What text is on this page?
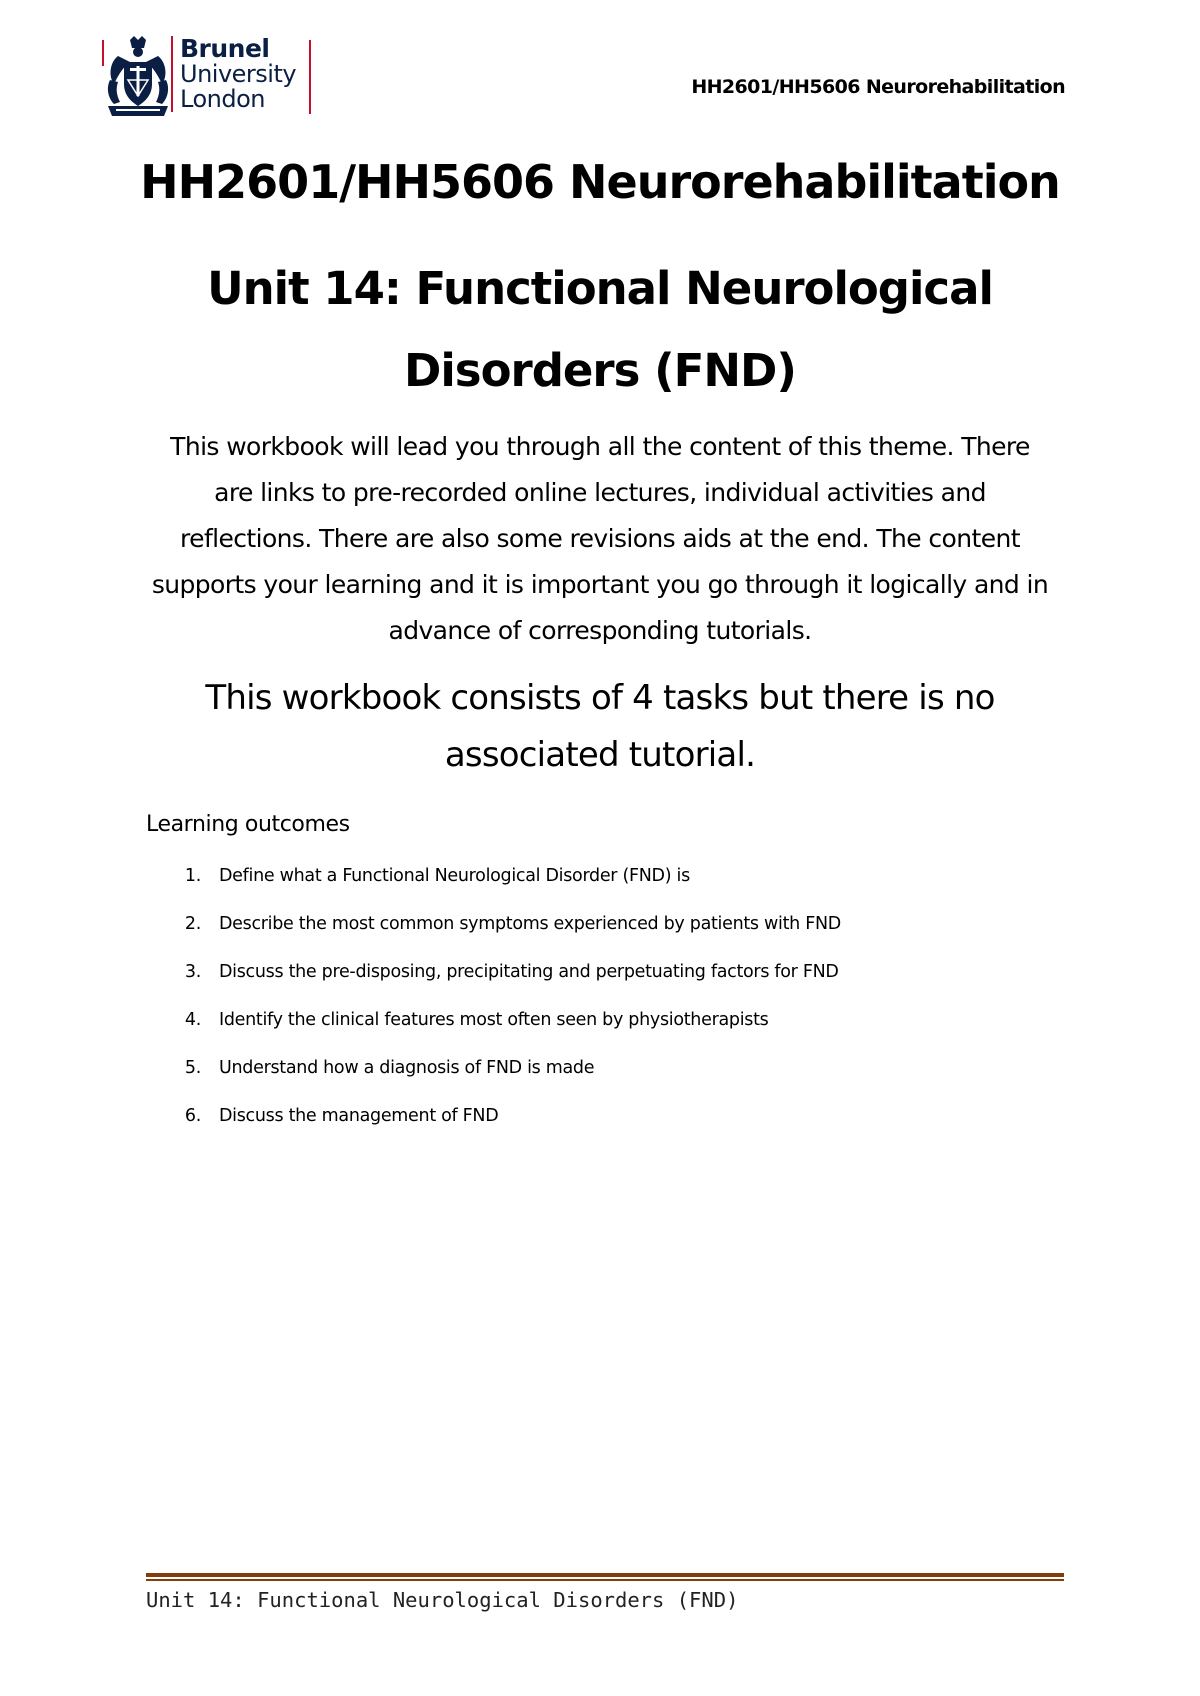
Brunel
University
London	HH2601/HH5606 Neurorehabilitation
HH2601/HH5606 Neurorehabilitation
Unit 14: Functional Neurological Disorders (FND)

This workbook will lead you through all the content of this theme. There are links to pre-recorded online lectures, individual activities and reflections. There are also some revisions aids at the end. The content supports your learning and it is important you go through it logically and in advance of corresponding tutorials.

This workbook consists of 4 tasks but there is no associated tutorial.

Learning outcomes
1.	Define what a Functional Neurological Disorder (FND) is
2.	Describe the most common symptoms experienced by patients with FND
3.	Discuss the pre-disposing, precipitating and perpetuating factors for FND
4.	Identify the clinical features most often seen by physiotherapists
5.	Understand how a diagnosis of FND is made
6.	Discuss the management of FND
Unit 14: Functional Neurological Disorders (FND)
